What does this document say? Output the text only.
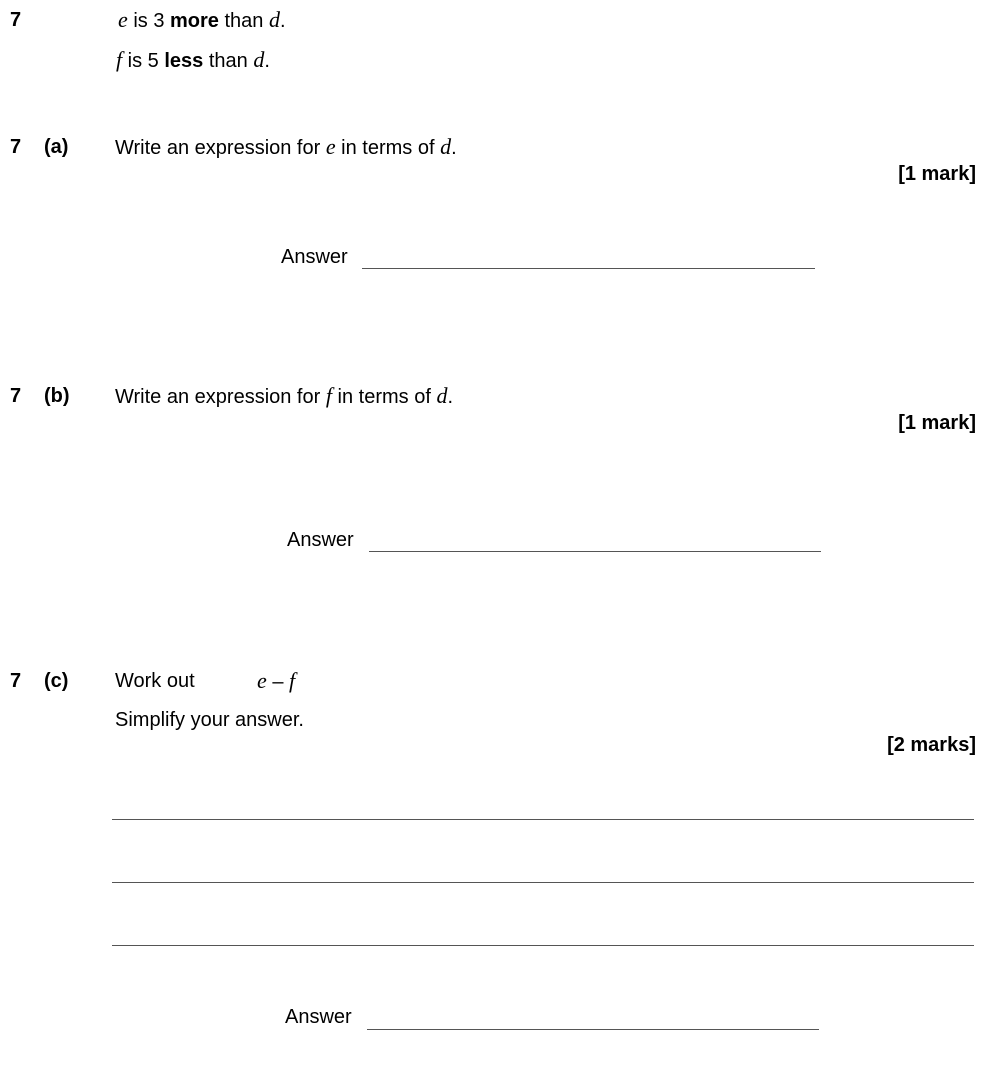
7	e is 3 more than d.
f is 5 less than d.
7 (a) Write an expression for e in terms of d.
[1 mark]
Answer
7 (b) Write an expression for f in terms of d.
[1 mark]
Answer
7 (c) Work out	e – f
Simplify your answer.
[2 marks]
Answer
